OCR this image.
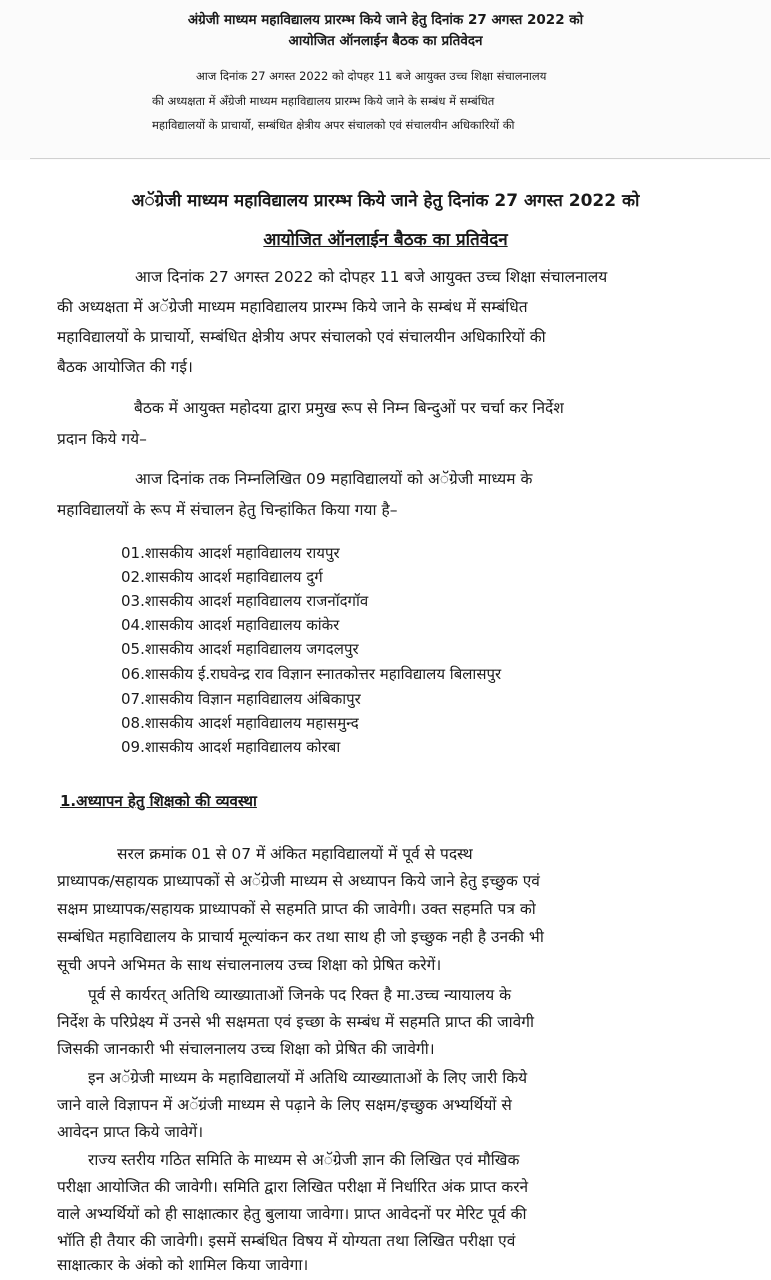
अंग्रेजी माध्यम महाविद्यालय प्रारम्भ किये जाने हेतु दिनांक 27 अगस्त 2022 को
आयोजित ऑनलाईन बैठक का प्रतिवेदन
आज दिनांक 27 अगस्त 2022 को दोपहर 11 बजे आयुक्त उच्च शिक्षा संचालनालय
की अध्यक्षता में अँग्रेजी माध्यम महाविद्यालय प्रारम्भ किये जाने के सम्बंध में सम्बंधित
महाविद्यालयों के प्राचार्यो, सम्बंधित क्षेत्रीय अपर संचालको एवं संचालयीन अधिकारियों की
अॅग्रेजी माध्यम महाविद्यालय प्रारम्भ किये जाने हेतु दिनांक 27 अगस्त 2022 को
आयोजित ऑनलाईन बैठक का प्रतिवेदन
आज दिनांक 27 अगस्त 2022 को दोपहर 11 बजे आयुक्त उच्च शिक्षा संचालनालय
की अध्यक्षता में अॅग्रेजी माध्यम महाविद्यालय प्रारम्भ किये जाने के सम्बंध में सम्बंधित
महाविद्यालयों के प्राचार्यो, सम्बंधित क्षेत्रीय अपर संचालको एवं संचालयीन अधिकारियों की
बैठक आयोजित की गई।
बैठक में आयुक्त महोदया द्वारा प्रमुख रूप से निम्न बिन्दुओं पर चर्चा कर निर्देश
प्रदान किये गये–
आज दिनांक तक निम्नलिखित 09 महाविद्यालयों को अॅग्रेजी माध्यम के
महाविद्यालयों के रूप में संचालन हेतु चिन्हांकित किया गया है–
01.शासकीय आदर्श महाविद्यालय रायपुर
02.शासकीय आदर्श महाविद्यालय दुर्ग
03.शासकीय आदर्श महाविद्यालय राजनॉदगॉव
04.शासकीय आदर्श महाविद्यालय कांकेर
05.शासकीय आदर्श महाविद्यालय जगदलपुर
06.शासकीय ई.राघवेन्द्र राव विज्ञान स्नातकोत्तर महाविद्यालय बिलासपुर
07.शासकीय विज्ञान महाविद्यालय अंबिकापुर
08.शासकीय आदर्श महाविद्यालय महासमुन्द
09.शासकीय आदर्श महाविद्यालय कोरबा
1.अध्यापन हेतु शिक्षको की व्यवस्था
सरल क्रमांक 01 से 07 में अंकित महाविद्यालयों में पूर्व से पदस्थ
प्राध्यापक/सहायक प्राध्यापकों से अॅग्रेजी माध्यम से अध्यापन किये जाने हेतु इच्छुक एवं
सक्षम प्राध्यापक/सहायक प्राध्यापकों से सहमति प्राप्त की जावेगी। उक्त सहमति पत्र को
सम्बंधित महाविद्यालय के प्राचार्य मूल्यांकन कर तथा साथ ही जो इच्छुक नही है उनकी भी
सूची अपने अभिमत के साथ संचालनालय उच्च शिक्षा को प्रेषित करेगें।
पूर्व से कार्यरत् अतिथि व्याख्याताओं जिनके पद रिक्त है मा.उच्च न्यायालय के
निर्देश के परिप्रेक्ष्य में उनसे भी सक्षमता एवं इच्छा के सम्बंध में सहमति प्राप्त की जावेगी
जिसकी जानकारी भी संचालनालय उच्च शिक्षा को प्रेषित की जावेगी।
इन अॅग्रेजी माध्यम के महाविद्यालयों में अतिथि व्याख्याताओं के लिए जारी किये
जाने वाले विज्ञापन में अॅग्रंजी माध्यम से पढ़ाने के लिए सक्षम/इच्छुक अभ्यर्थियों से
आवेदन प्राप्त किये जावेगें।
राज्य स्तरीय गठित समिति के माध्यम से अॅग्रेजी ज्ञान की लिखित एवं मौखिक
परीक्षा आयोजित की जावेगी। समिति द्वारा लिखित परीक्षा में निर्धारित अंक प्राप्त करने
वाले अभ्यर्थियों को ही साक्षात्कार हेतु बुलाया जावेगा। प्राप्त आवेदनों पर मेरिट पूर्व की
भॉति ही तैयार की जावेगी। इसमें सम्बंधित विषय में योग्यता तथा लिखित परीक्षा एवं
साक्षात्कार के अंको को शामिल किया जावेगा।
